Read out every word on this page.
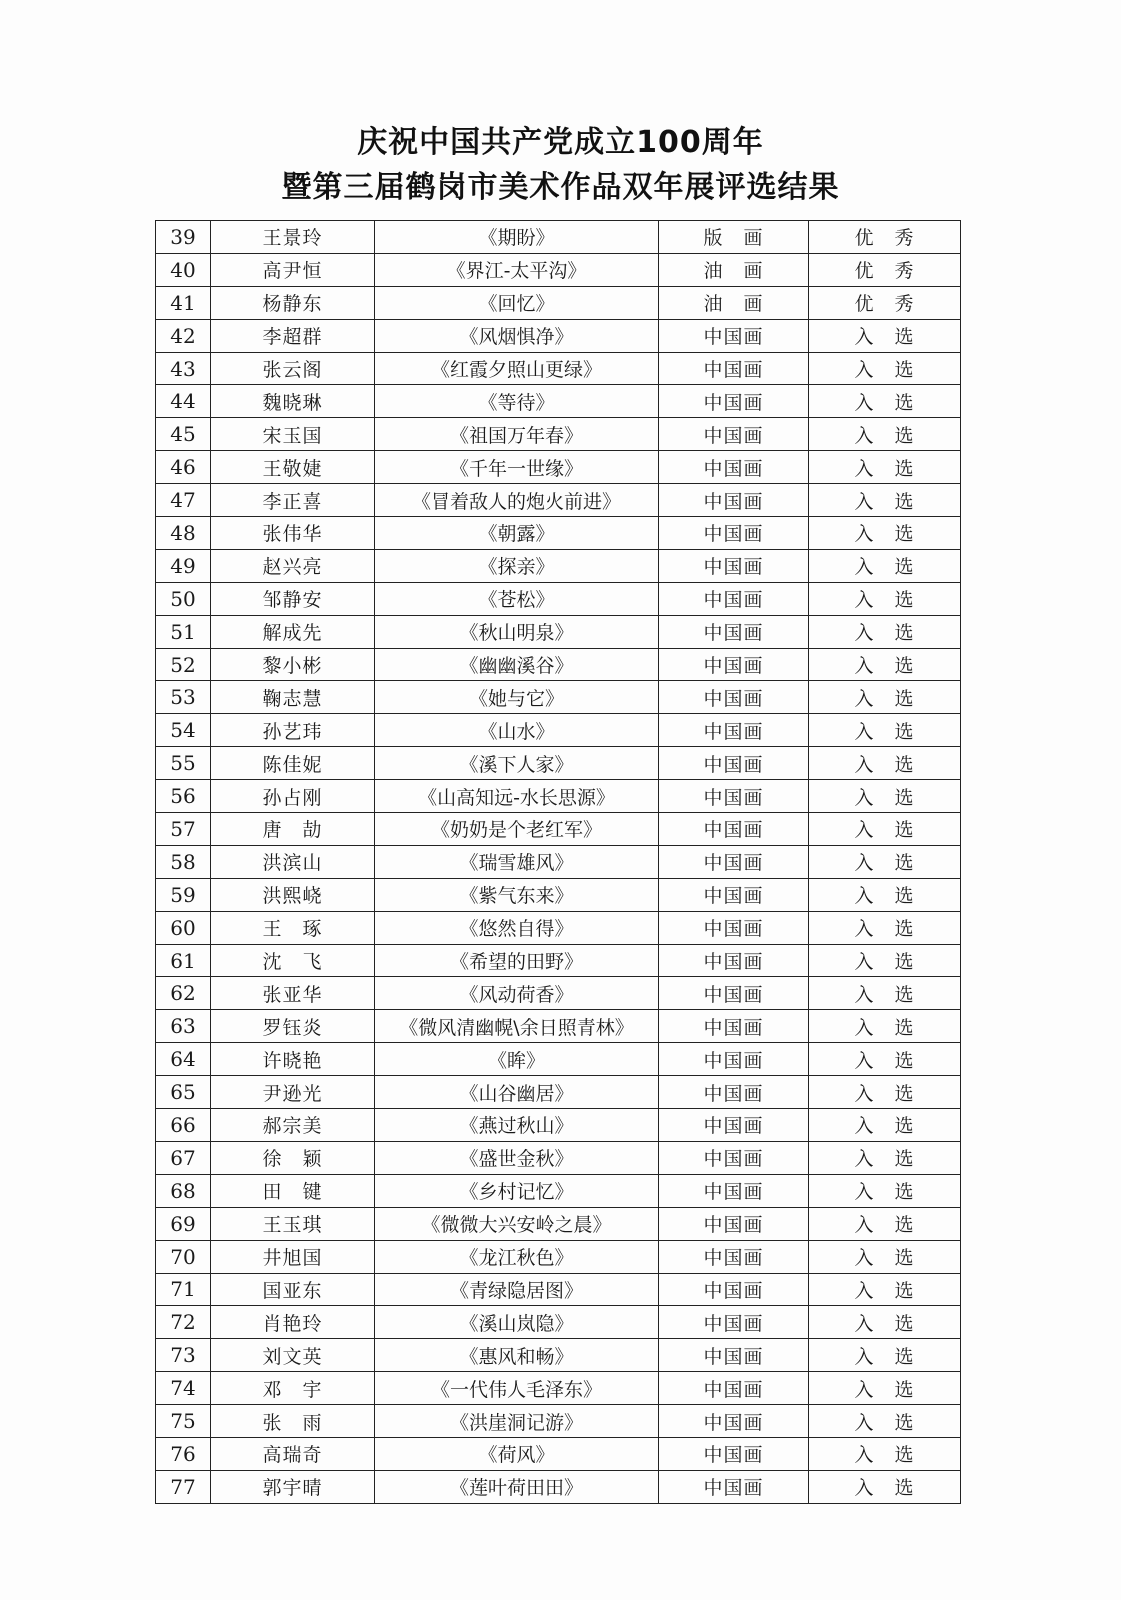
庆祝中国共产党成立100周年
暨第三届鹤岗市美术作品双年展评选结果
39	王景玲	《期盼》	版　画	优　秀
40	高尹恒	《界江-太平沟》	油　画	优　秀
41	杨静东	《回忆》	油　画	优　秀
42	李超群	《风烟惧净》	中国画	入　选
43	张云阁	《红霞夕照山更绿》	中国画	入　选
44	魏晓琳	《等待》	中国画	入　选
45	宋玉国	《祖国万年春》	中国画	入　选
46	王敬婕	《千年一世缘》	中国画	入　选
47	李正喜	《冒着敌人的炮火前进》	中国画	入　选
48	张伟华	《朝露》	中国画	入　选
49	赵兴亮	《探亲》	中国画	入　选
50	邹静安	《苍松》	中国画	入　选
51	解成先	《秋山明泉》	中国画	入　选
52	黎小彬	《幽幽溪谷》	中国画	入　选
53	鞠志慧	《她与它》	中国画	入　选
54	孙艺玮	《山水》	中国画	入　选
55	陈佳妮	《溪下人家》	中国画	入　选
56	孙占刚	《山高知远-水长思源》	中国画	入　选
57	唐　劼	《奶奶是个老红军》	中国画	入　选
58	洪滨山	《瑞雪雄风》	中国画	入　选
59	洪熙峣	《紫气东来》	中国画	入　选
60	王　琢	《悠然自得》	中国画	入　选
61	沈　飞	《希望的田野》	中国画	入　选
62	张亚华	《风动荷香》	中国画	入　选
63	罗钰炎	《微风清幽幌\余日照青林》	中国画	入　选
64	许晓艳	《眸》	中国画	入　选
65	尹逊光	《山谷幽居》	中国画	入　选
66	郝宗美	《燕过秋山》	中国画	入　选
67	徐　颖	《盛世金秋》	中国画	入　选
68	田　键	《乡村记忆》	中国画	入　选
69	王玉琪	《微微大兴安岭之晨》	中国画	入　选
70	井旭国	《龙江秋色》	中国画	入　选
71	国亚东	《青绿隐居图》	中国画	入　选
72	肖艳玲	《溪山岚隐》	中国画	入　选
73	刘文英	《惠风和畅》	中国画	入　选
74	邓　宇	《一代伟人毛泽东》	中国画	入　选
75	张　雨	《洪崖洞记游》	中国画	入　选
76	高瑞奇	《荷风》	中国画	入　选
77	郭宇晴	《莲叶荷田田》	中国画	入　选
